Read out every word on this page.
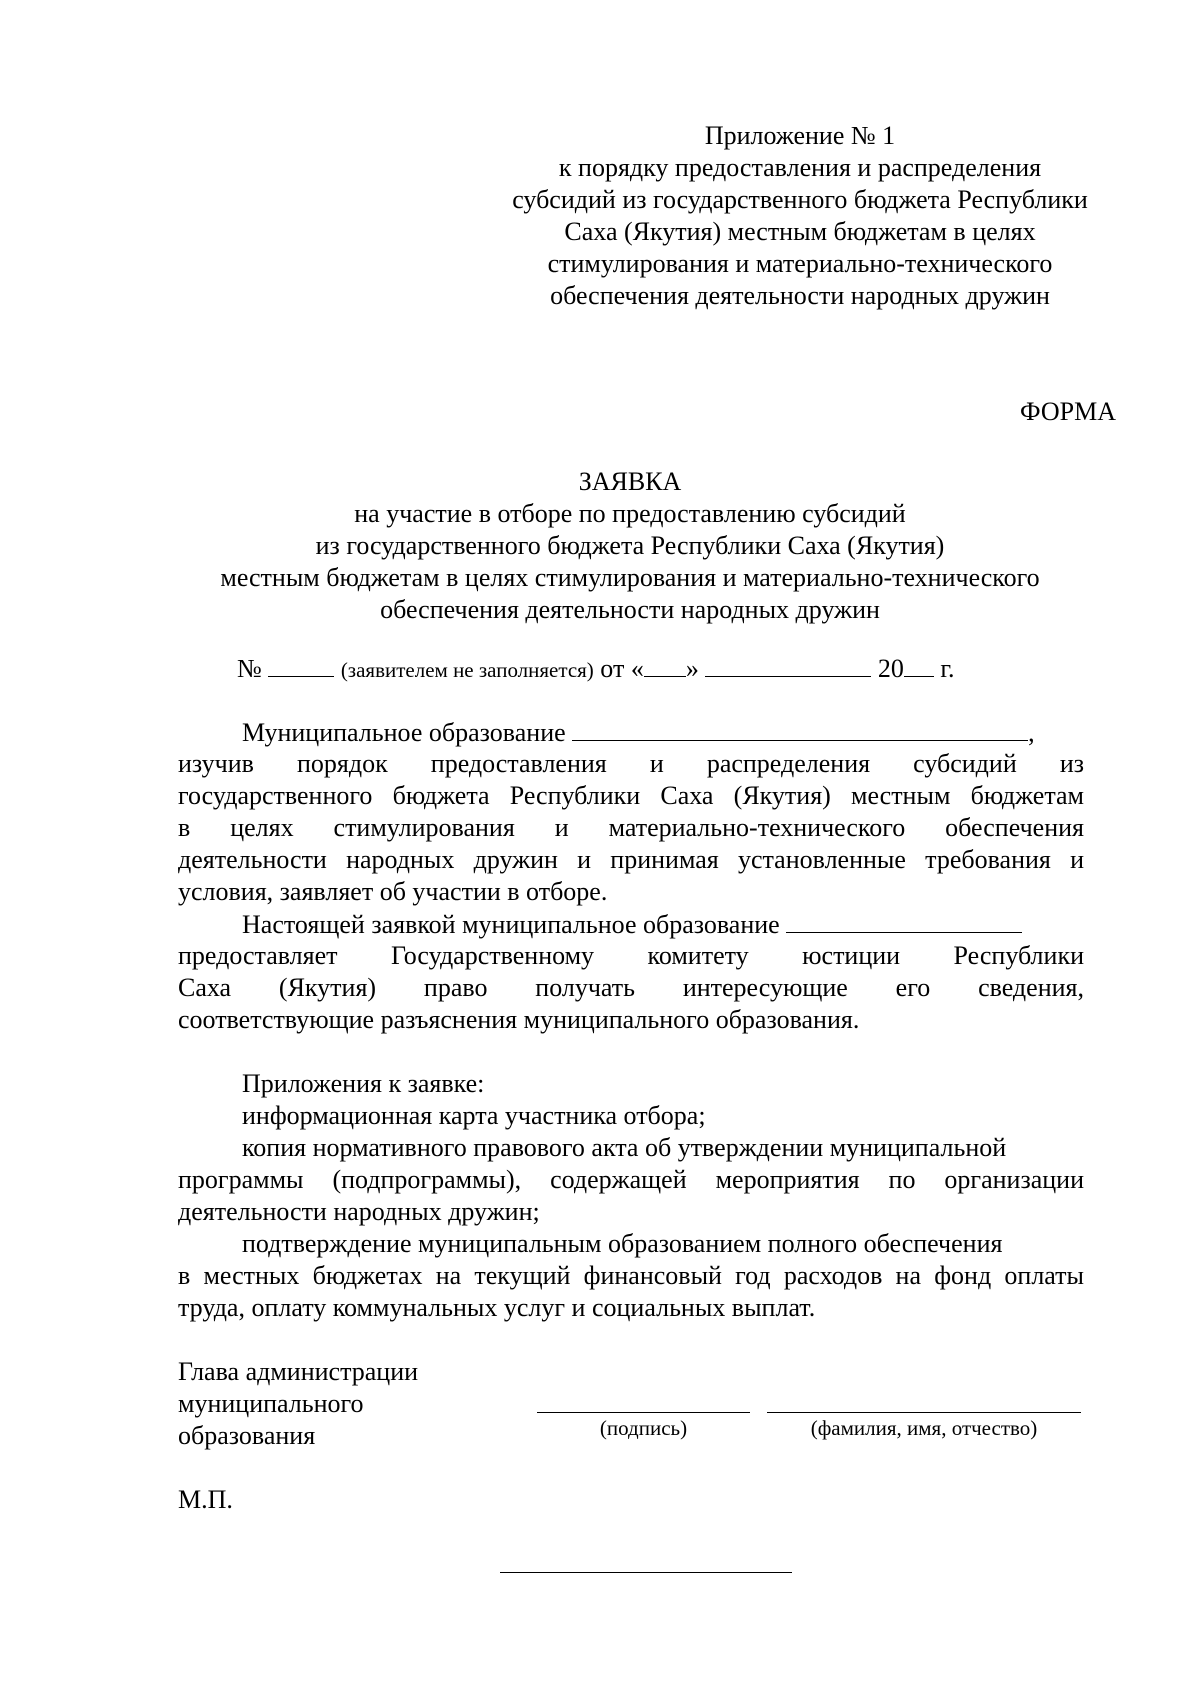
Приложение № 1
к порядку предоставления и распределения
субсидий из государственного бюджета Республики
Саха (Якутия) местным бюджетам в целях
стимулирования и материально-технического
обеспечения деятельности народных дружин
ФОРМА
ЗАЯВКА
на участие в отборе по предоставлению субсидий
из государственного бюджета Республики Саха (Якутия)
местным бюджетам в целях стимулирования и материально-технического
обеспечения деятельности народных дружин
№	(заявителем не заполняется) от « »	20 г.
Муниципальное образование	,
изучив порядок предоставления и распределения субсидий из
государственного бюджета Республики Саха (Якутия) местным бюджетам
в целях стимулирования и материально-технического обеспечения
деятельности народных дружин и принимая установленные требования и
условия, заявляет об участии в отборе.
Настоящей заявкой муниципальное образование
предоставляет Государственному комитету юстиции Республики
Саха (Якутия) право получать интересующие его сведения,
соответствующие разъяснения муниципального образования.
Приложения к заявке:
информационная карта участника отбора;
копия нормативного правового акта об утверждении муниципальной
программы (подпрограммы), содержащей мероприятия по организации
деятельности народных дружин;
подтверждение муниципальным образованием полного обеспечения
в местных бюджетах на текущий финансовый год расходов на фонд оплаты
труда, оплату коммунальных услуг и социальных выплат.
Глава администрации
муниципального
образования	(подпись)	(фамилия, имя, отчество)
М.П.
